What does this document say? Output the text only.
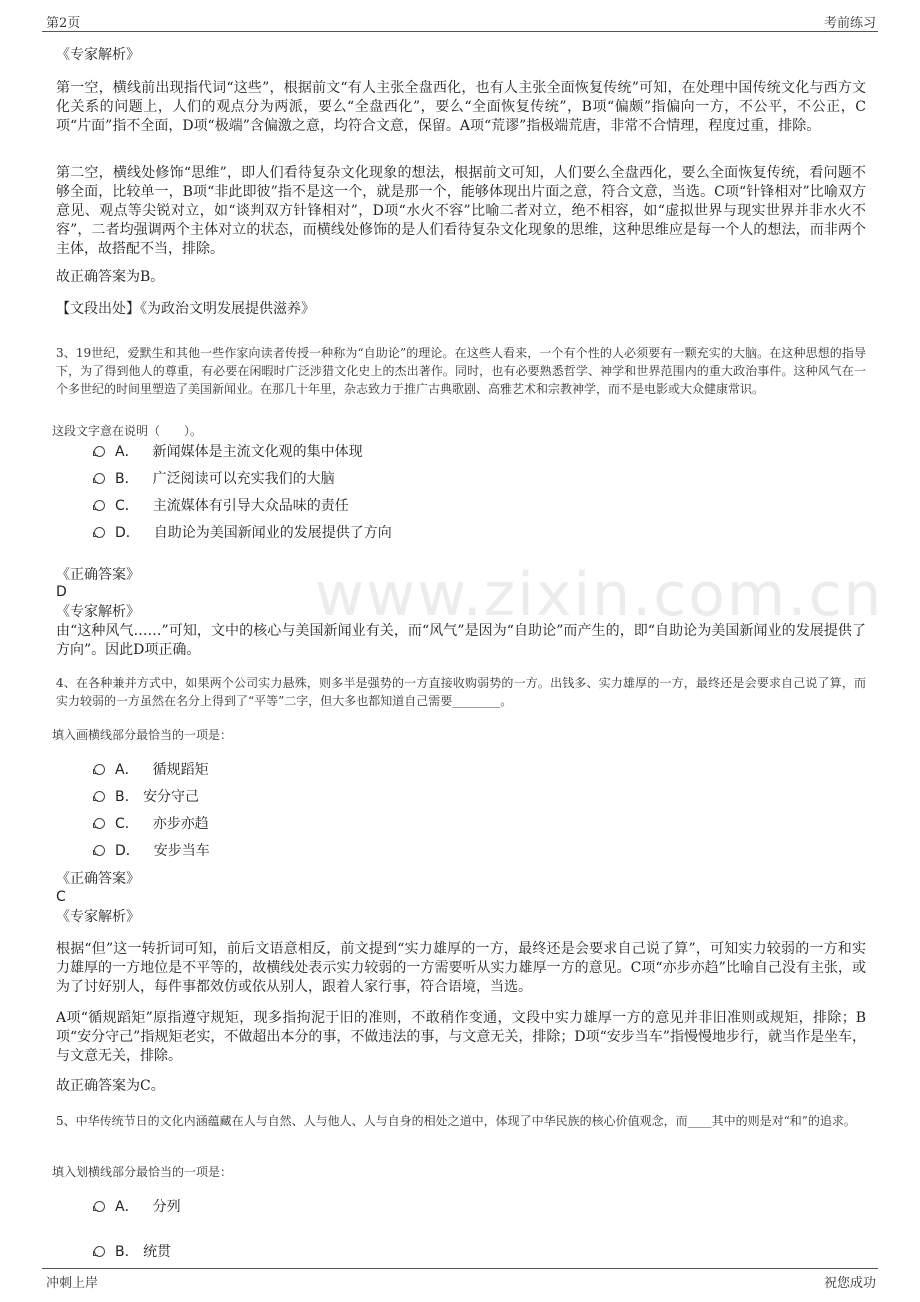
第2页	考前练习
www.zixin.com.cn

《专家解析》

第一空，横线前出现指代词“这些”，根据前文“有人主张全盘西化，也有人主张全面恢复传统”可知，在处理中国传统文化与西方文化关系的问题上，人们的观点分为两派，要么“全盘西化”，要么“全面恢复传统”，B项“偏颇”指偏向一方，不公平，不公正，C项“片面”指不全面，D项“极端”含偏激之意，均符合文意，保留。A项“荒谬”指极端荒唐，非常不合情理，程度过重，排除。

第二空，横线处修饰“思维”，即人们看待复杂文化现象的想法，根据前文可知，人们要么全盘西化，要么全面恢复传统，看问题不够全面，比较单一，B项“非此即彼”指不是这一个，就是那一个，能够体现出片面之意，符合文意，当选。C项“针锋相对”比喻双方意见、观点等尖锐对立，如“谈判双方针锋相对”，D项“水火不容”比喻二者对立，绝不相容，如“虚拟世界与现实世界并非水火不容”，二者均强调两个主体对立的状态，而横线处修饰的是人们看待复杂文化现象的思维，这种思维应是每一个人的想法，而非两个主体，故搭配不当，排除。

故正确答案为B。

【文段出处】《为政治文明发展提供滋养》

3、19世纪，爱默生和其他一些作家向读者传授一种称为“自助论”的理论。在这些人看来，一个有个性的人必须要有一颗充实的大脑。在这种思想的指导下，为了得到他人的尊重，有必要在闲暇时广泛涉猎文化史上的杰出著作。同时，也有必要熟悉哲学、神学和世界范围内的重大政治事件。这种风气在一个多世纪的时间里塑造了美国新闻业。在那几十年里，杂志致力于推广古典歌剧、高雅艺术和宗教神学，而不是电影或大众健康常识。

这段文字意在说明（　　）。

A． 新闻媒体是主流文化观的集中体现
B． 广泛阅读可以充实我们的大脑
C． 主流媒体有引导大众品味的责任
D． 自助论为美国新闻业的发展提供了方向

《正确答案》

D

《专家解析》

由“这种风气……”可知，文中的核心与美国新闻业有关，而“风气”是因为“自助论”而产生的，即“自助论为美国新闻业的发展提供了方向”。因此D项正确。

4、在各种兼并方式中，如果两个公司实力悬殊，则多半是强势的一方直接收购弱势的一方。出钱多、实力雄厚的一方，最终还是会要求自己说了算，而实力较弱的一方虽然在名分上得到了“平等”二字，但大多也都知道自己需要________。

填入画横线部分最恰当的一项是：

A． 循规蹈矩
B. 安分守己
C． 亦步亦趋
D． 安步当车

《正确答案》

C

《专家解析》

根据“但”这一转折词可知，前后文语意相反，前文提到“实力雄厚的一方，最终还是会要求自己说了算”，可知实力较弱的一方和实力雄厚的一方地位是不平等的，故横线处表示实力较弱的一方需要听从实力雄厚一方的意见。C项“亦步亦趋”比喻自己没有主张，或为了讨好别人，每件事都效仿或依从别人，跟着人家行事，符合语境，当选。

A项“循规蹈矩”原指遵守规矩，现多指拘泥于旧的准则，不敢稍作变通，文段中实力雄厚一方的意见并非旧准则或规矩，排除；B项“安分守己”指规矩老实，不做超出本分的事，不做违法的事，与文意无关，排除；D项“安步当车”指慢慢地步行，就当作是坐车，与文意无关，排除。

故正确答案为C。

5、中华传统节日的文化内涵蕴藏在人与自然、人与他人、人与自身的相处之道中，体现了中华民族的核心价值观念，而____其中的则是对“和”的追求。

填入划横线部分最恰当的一项是：

A． 分列
B. 统贯
冲刺上岸	祝您成功
